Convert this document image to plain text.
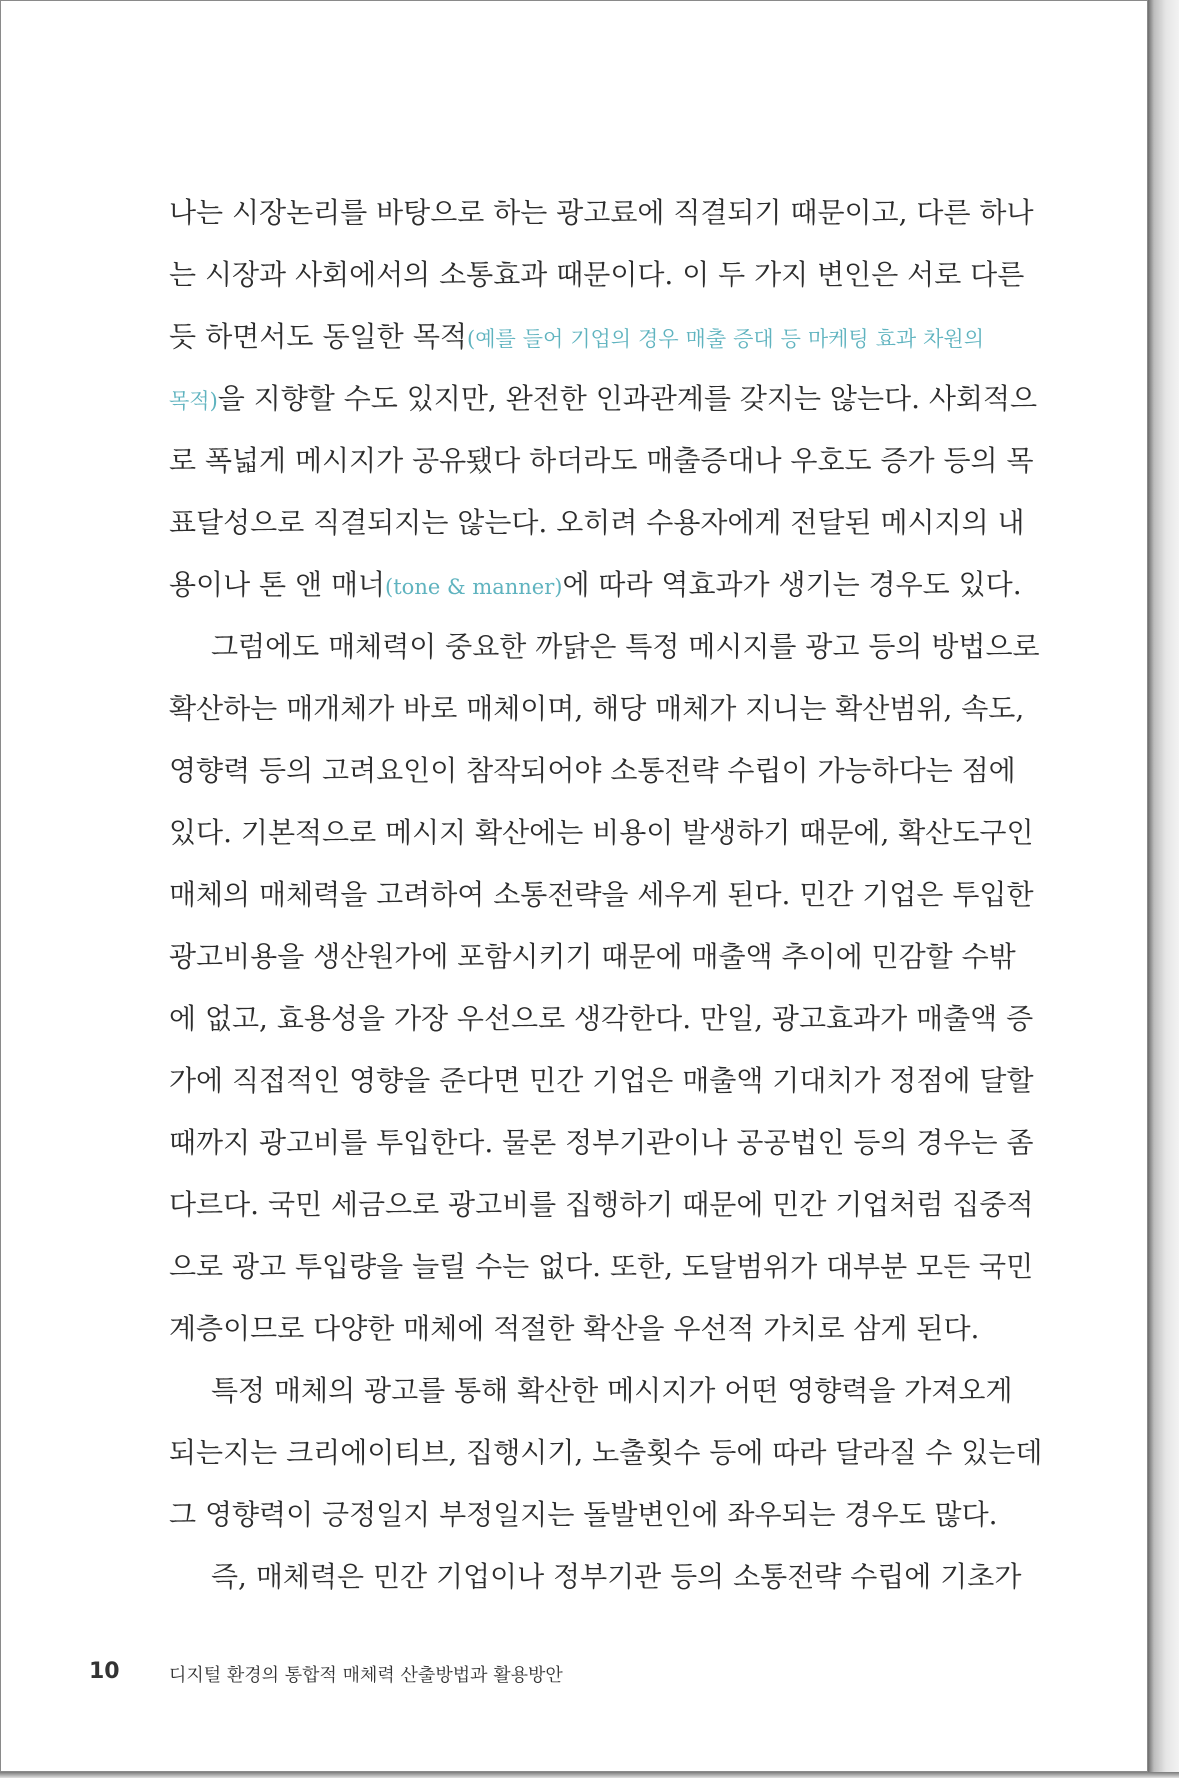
나는 시장논리를 바탕으로 하는 광고료에 직결되기 때문이고, 다른 하나
는 시장과 사회에서의 소통효과 때문이다. 이 두 가지 변인은 서로 다른
듯 하면서도 동일한 목적(예를 들어 기업의 경우 매출 증대 등 마케팅 효과 차원의
목적)을 지향할 수도 있지만, 완전한 인과관계를 갖지는 않는다. 사회적으
로 폭넓게 메시지가 공유됐다 하더라도 매출증대나 우호도 증가 등의 목
표달성으로 직결되지는 않는다. 오히려 수용자에게 전달된 메시지의 내
용이나 톤 앤 매너(tone & manner)에 따라 역효과가 생기는 경우도 있다.
그럼에도 매체력이 중요한 까닭은 특정 메시지를 광고 등의 방법으로
확산하는 매개체가 바로 매체이며, 해당 매체가 지니는 확산범위, 속도,
영향력 등의 고려요인이 참작되어야 소통전략 수립이 가능하다는 점에
있다. 기본적으로 메시지 확산에는 비용이 발생하기 때문에, 확산도구인
매체의 매체력을 고려하여 소통전략을 세우게 된다. 민간 기업은 투입한
광고비용을 생산원가에 포함시키기 때문에 매출액 추이에 민감할 수밖
에 없고, 효용성을 가장 우선으로 생각한다. 만일, 광고효과가 매출액 증
가에 직접적인 영향을 준다면 민간 기업은 매출액 기대치가 정점에 달할
때까지 광고비를 투입한다. 물론 정부기관이나 공공법인 등의 경우는 좀
다르다. 국민 세금으로 광고비를 집행하기 때문에 민간 기업처럼 집중적
으로 광고 투입량을 늘릴 수는 없다. 또한, 도달범위가 대부분 모든 국민
계층이므로 다양한 매체에 적절한 확산을 우선적 가치로 삼게 된다.
특정 매체의 광고를 통해 확산한 메시지가 어떤 영향력을 가져오게
되는지는 크리에이티브, 집행시기, 노출횟수 등에 따라 달라질 수 있는데
그 영향력이 긍정일지 부정일지는 돌발변인에 좌우되는 경우도 많다.
즉, 매체력은 민간 기업이나 정부기관 등의 소통전략 수립에 기초가
10	디지털 환경의 통합적 매체력 산출방법과 활용방안
